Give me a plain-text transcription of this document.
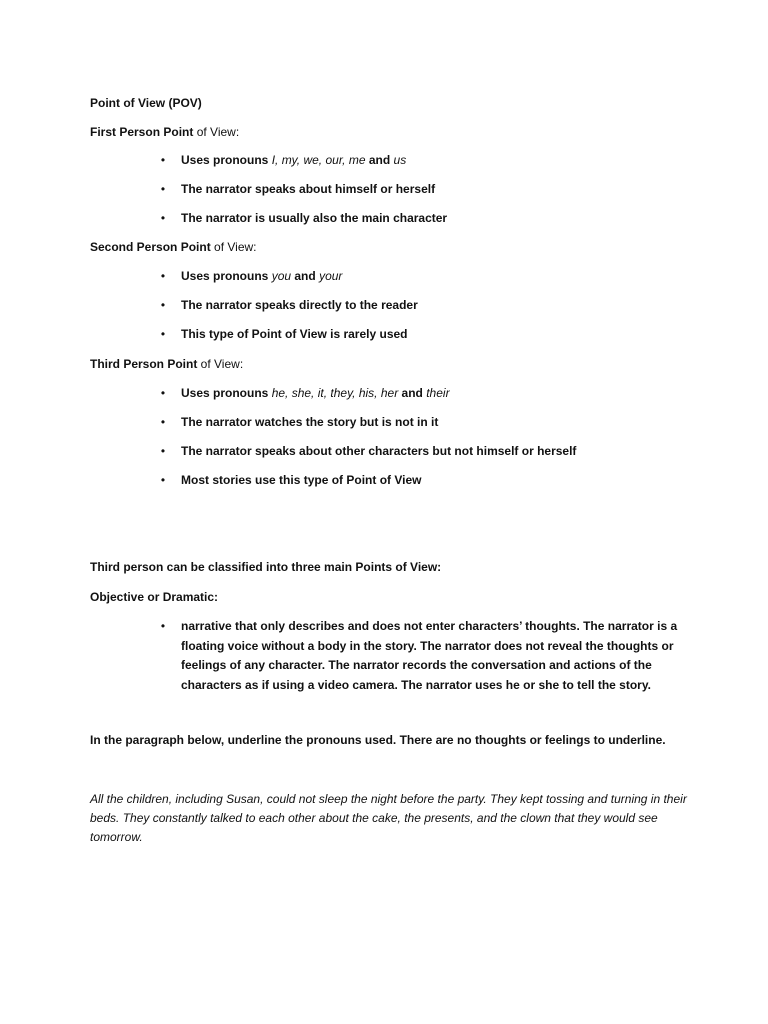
Point of View (POV)
First Person Point of View:
• Uses pronouns I, my, we, our, me and us
• The narrator speaks about himself or herself
• The narrator is usually also the main character
Second Person Point of View:
• Uses pronouns you and your
• The narrator speaks directly to the reader
• This type of Point of View is rarely used
Third Person Point of View:
• Uses pronouns he, she, it, they, his, her and their
• The narrator watches the story but is not in it
• The narrator speaks about other characters but not himself or herself
• Most stories use this type of Point of View
Third person can be classified into three main Points of View:
Objective or Dramatic:
• narrative that only describes and does not enter characters’ thoughts. The narrator is a floating voice without a body in the story. The narrator does not reveal the thoughts or feelings of any character. The narrator records the conversation and actions of the characters as if using a video camera. The narrator uses he or she to tell the story.
In the paragraph below, underline the pronouns used. There are no thoughts or feelings to underline.
All the children, including Susan, could not sleep the night before the party. They kept tossing and turning in their beds. They constantly talked to each other about the cake, the presents, and the clown that they would see tomorrow.
